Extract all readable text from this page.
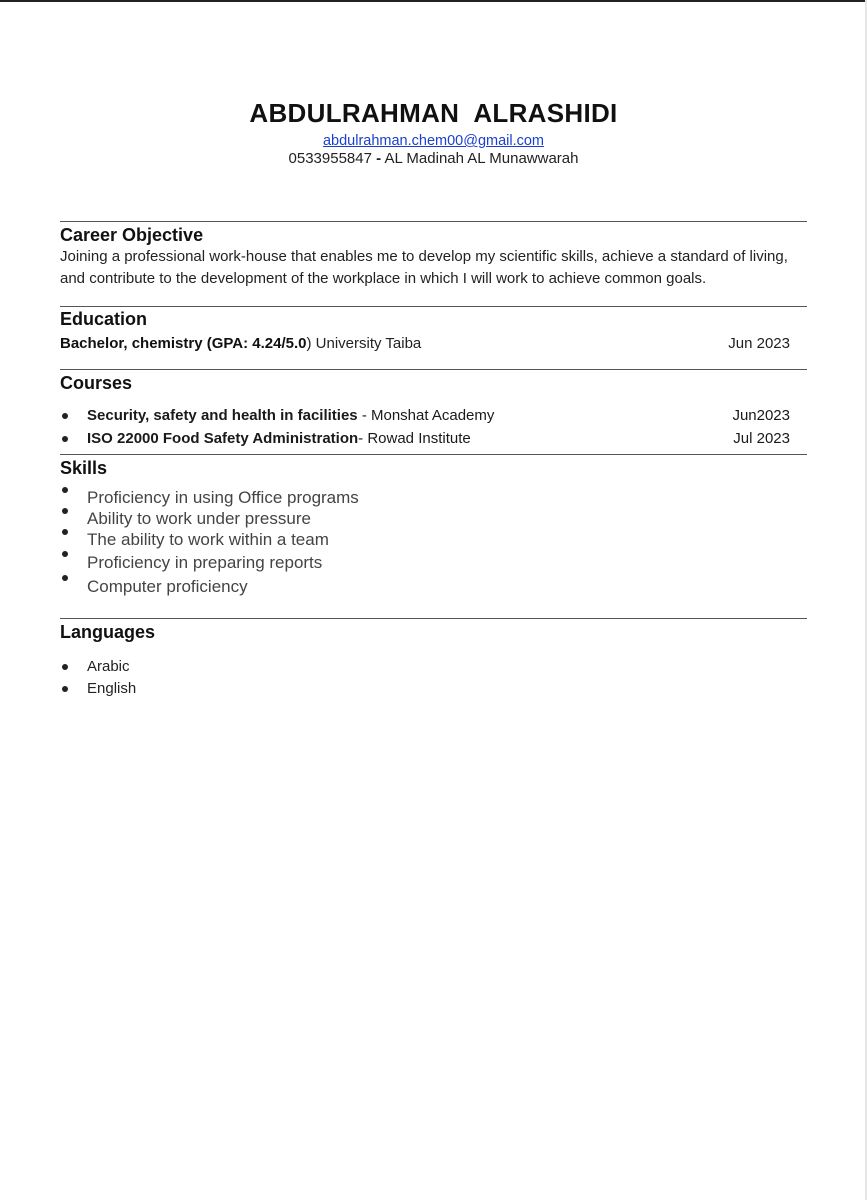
ABDULRAHMAN  ALRASHIDI
abdulrahman.chem00@gmail.com
0533955847 - AL Madinah AL Munawwarah
Career Objective
Joining a professional work-house that enables me to develop my scientific skills, achieve a standard of living, and contribute to the development of the workplace in which I will work to achieve common goals.
Education
Bachelor, chemistry (GPA: 4.24/5.0) University Taiba	Jun 2023
Courses
Security, safety and health in facilities - Monshat Academy	Jun2023
ISO 22000 Food Safety Administration- Rowad Institute	Jul 2023
Skills
Proficiency in using Office programs
Ability to work under pressure
The ability to work within a team
Proficiency in preparing reports
Computer proficiency
Languages
Arabic
English
